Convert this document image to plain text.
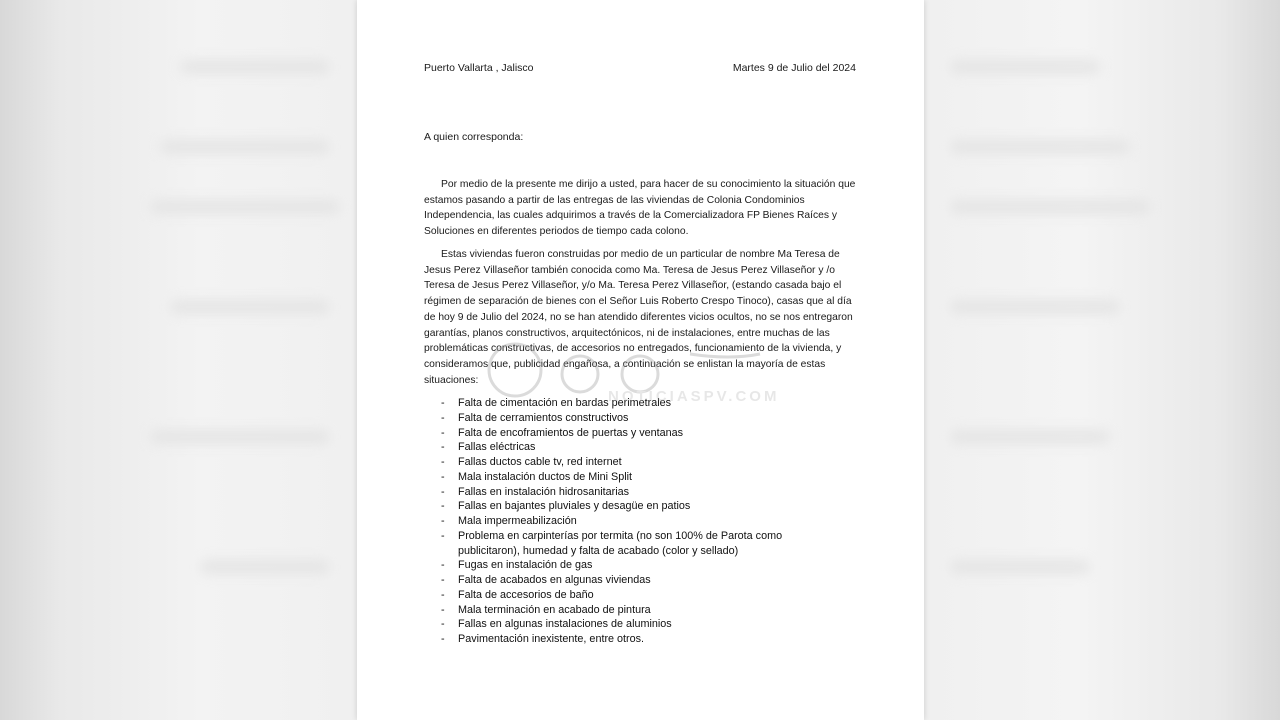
Puerto Vallarta , Jalisco	Martes 9 de Julio del 2024
A quien corresponda:

Por medio de la presente me dirijo a usted, para hacer de su conocimiento la situación que estamos pasando a partir de las entregas de las viviendas de Colonia Condominios Independencia, las cuales adquirimos a través de la Comercializadora FP Bienes Raíces y Soluciones en diferentes periodos de tiempo cada colono.

Estas viviendas fueron construidas por medio de un particular de nombre Ma Teresa de Jesus Perez Villaseñor también conocida como Ma. Teresa de Jesus Perez Villaseñor y /o Teresa de Jesus Perez Villaseñor, y/o Ma. Teresa Perez Villaseñor, (estando casada bajo el régimen de separación de bienes con el Señor Luis Roberto Crespo Tinoco), casas que al día de hoy 9 de Julio del 2024, no se han atendido diferentes vicios ocultos, no se nos entregaron garantías, planos constructivos, arquitectónicos, ni de instalaciones, entre muchas de las problemáticas constructivas, de accesorios no entregados, funcionamiento de la vivienda, y consideramos que, publicidad engañosa, a continuación se enlistan la mayoría de estas situaciones:

- Falta de cimentación en bardas perimetrales
- Falta de cerramientos constructivos
- Falta de encoframientos de puertas y ventanas
- Fallas eléctricas
- Fallas ductos cable tv, red internet
- Mala instalación ductos de Mini Split
- Fallas en instalación hidrosanitarias
- Fallas en bajantes pluviales y desagüe en patios
- Mala impermeabilización
- Problema en carpinterías por termita (no son 100% de Parota como publicitaron), humedad y falta de acabado (color y sellado)
- Fugas en instalación de gas
- Falta de acabados en algunas viviendas
- Falta de accesorios de baño
- Mala terminación en acabado de pintura
- Fallas en algunas instalaciones de aluminios
- Pavimentación inexistente, entre otros.
NOTICIASPV.COM
